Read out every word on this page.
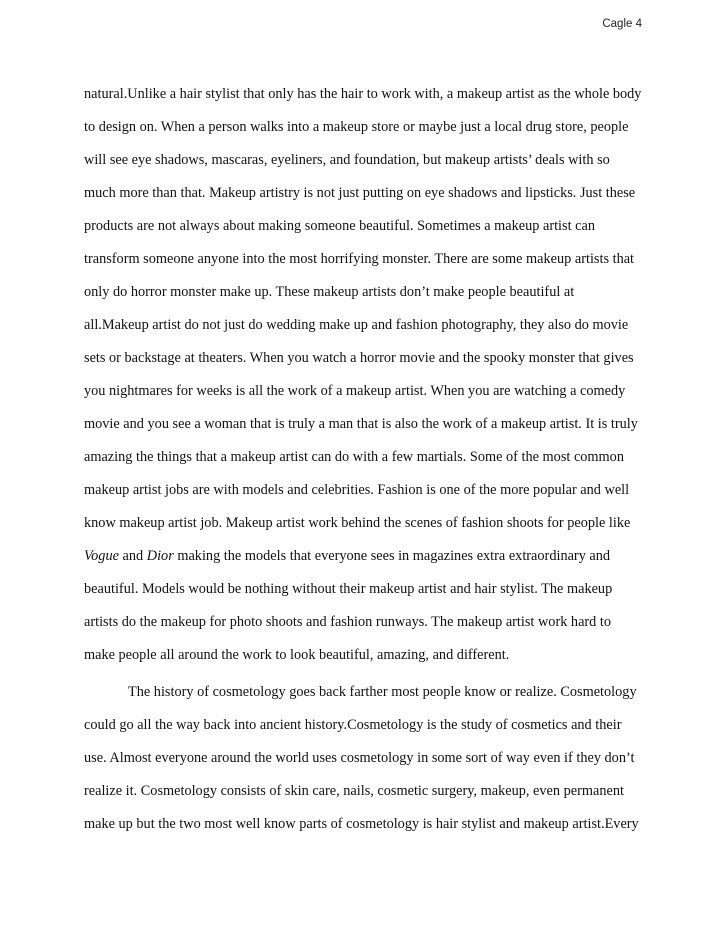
Cagle 4
natural.Unlike a hair stylist that only has the hair to work with, a makeup artist as the whole body
to design on. When a person walks into a makeup store or maybe just a local drug store, people
will see eye shadows, mascaras, eyeliners, and foundation, but makeup artists’ deals with so
much more than that. Makeup artistry is not just putting on eye shadows and lipsticks. Just these
products are not always about making someone beautiful. Sometimes a makeup artist can
transform someone anyone into the most horrifying monster. There are some makeup artists that
only do horror monster make up. These makeup artists don’t make people beautiful at
all.Makeup artist do not just do wedding make up and fashion photography, they also do movie
sets or backstage at theaters. When you watch a horror movie and the spooky monster that gives
you nightmares for weeks is all the work of a makeup artist. When you are watching a comedy
movie and you see a woman that is truly a man that is also the work of a makeup artist. It is truly
amazing the things that a makeup artist can do with a few martials. Some of the most common
makeup artist jobs are with models and celebrities. Fashion is one of the more popular and well
know makeup artist job. Makeup artist work behind the scenes of fashion shoots for people like
Vogue and Dior making the models that everyone sees in magazines extra extraordinary and
beautiful. Models would be nothing without their makeup artist and hair stylist. The makeup
artists do the makeup for photo shoots and fashion runways. The makeup artist work hard to
make people all around the work to look beautiful, amazing, and different.
The history of cosmetology goes back farther most people know or realize. Cosmetology
could go all the way back into ancient history.Cosmetology is the study of cosmetics and their
use. Almost everyone around the world uses cosmetology in some sort of way even if they don’t
realize it. Cosmetology consists of skin care, nails, cosmetic surgery, makeup, even permanent
make up but the two most well know parts of cosmetology is hair stylist and makeup artist.Every
